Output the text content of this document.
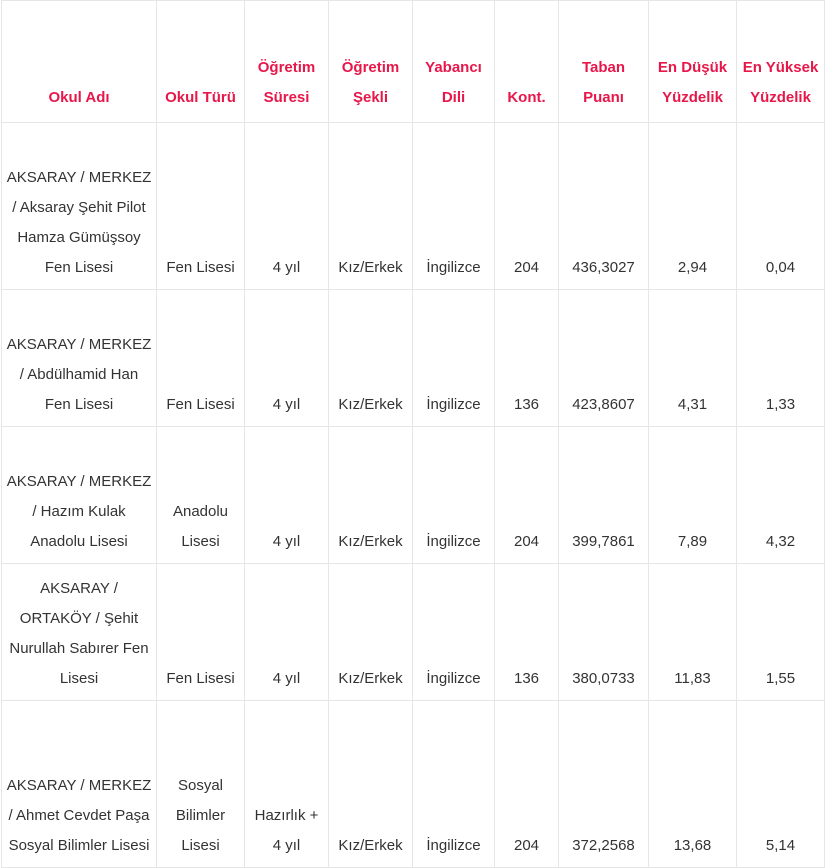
Okul Adı	Okul Türü	Öğretim Süresi	Öğretim Şekli	Yabancı Dili	Kont.	Taban Puanı	En Düşük Yüzdelik	En Yüksek Yüzdelik
AKSARAY / MERKEZ / Aksaray Şehit Pilot Hamza Gümüşsoy Fen Lisesi	Fen Lisesi	4 yıl	Kız/Erkek	İngilizce	204	436,3027	2,94	0,04
AKSARAY / MERKEZ / Abdülhamid Han Fen Lisesi	Fen Lisesi	4 yıl	Kız/Erkek	İngilizce	136	423,8607	4,31	1,33
AKSARAY / MERKEZ / Hazım Kulak Anadolu Lisesi	Anadolu Lisesi	4 yıl	Kız/Erkek	İngilizce	204	399,7861	7,89	4,32
AKSARAY / ORTAKÖY / Şehit Nurullah Sabırer Fen Lisesi	Fen Lisesi	4 yıl	Kız/Erkek	İngilizce	136	380,0733	11,83	1,55
AKSARAY / MERKEZ / Ahmet Cevdet Paşa Sosyal Bilimler Lisesi	Sosyal Bilimler Lisesi	Hazırlık + 4 yıl	Kız/Erkek	İngilizce	204	372,2568	13,68	5,14
